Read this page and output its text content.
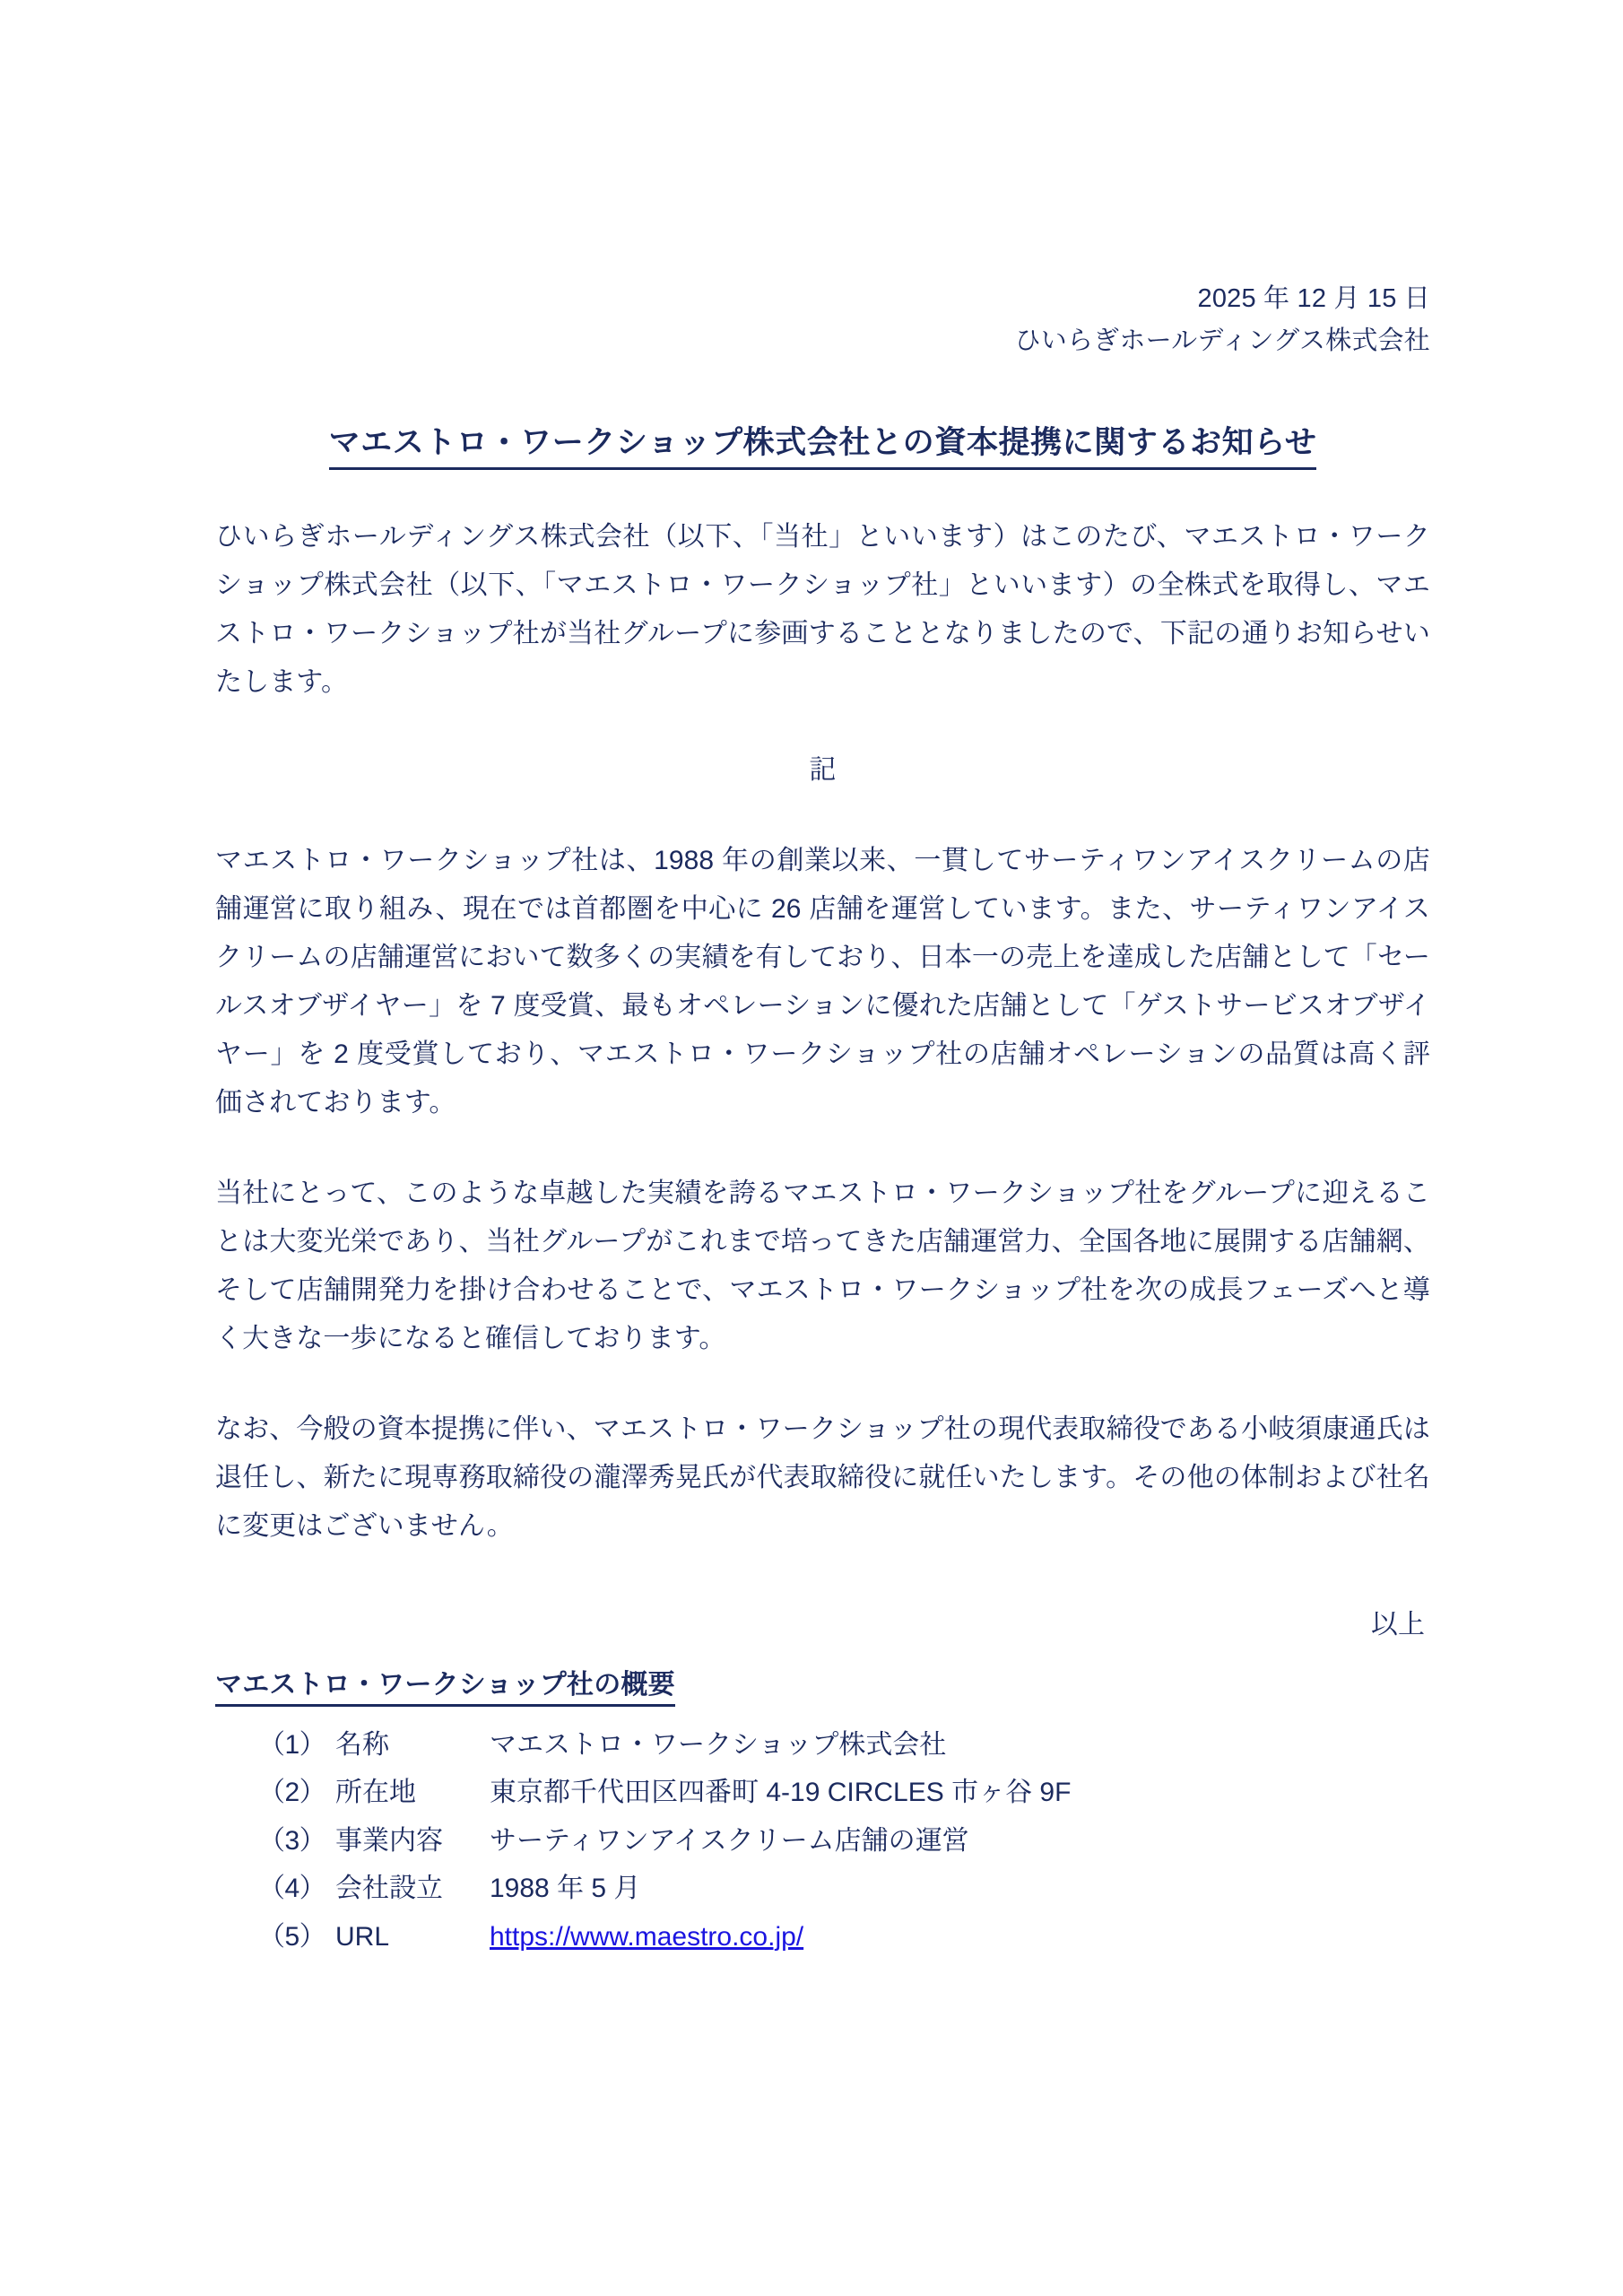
2025 年 12 月 15 日
ひいらぎホールディングス株式会社
マエストロ・ワークショップ株式会社との資本提携に関するお知らせ

ひいらぎホールディングス株式会社（以下、「当社」といいます）はこのたび、マエストロ・ワークショップ株式会社（以下、「マエストロ・ワークショップ社」といいます）の全株式を取得し、マエストロ・ワークショップ社が当社グループに参画することとなりましたので、下記の通りお知らせいたします。

記

マエストロ・ワークショップ社は、1988 年の創業以来、一貫してサーティワンアイスクリームの店舗運営に取り組み、現在では首都圏を中心に 26 店舗を運営しています。また、サーティワンアイスクリームの店舗運営において数多くの実績を有しており、日本一の売上を達成した店舗として「セールスオブザイヤー」を 7 度受賞、最もオペレーションに優れた店舗として「ゲストサービスオブザイヤー」を 2 度受賞しており、マエストロ・ワークショップ社の店舗オペレーションの品質は高く評価されております。

当社にとって、このような卓越した実績を誇るマエストロ・ワークショップ社をグループに迎えることは大変光栄であり、当社グループがこれまで培ってきた店舗運営力、全国各地に展開する店舗網、そして店舗開発力を掛け合わせることで、マエストロ・ワークショップ社を次の成長フェーズへと導く大きな一歩になると確信しております。

なお、今般の資本提携に伴い、マエストロ・ワークショップ社の現代表取締役である小岐須康通氏は退任し、新たに現専務取締役の瀧澤秀晃氏が代表取締役に就任いたします。その他の体制および社名に変更はございません。

以上

マエストロ・ワークショップ社の概要
（1） 名称	マエストロ・ワークショップ株式会社
（2） 所在地	東京都千代田区四番町 4-19 CIRCLES 市ヶ谷 9F
（3） 事業内容	サーティワンアイスクリーム店舗の運営
（4） 会社設立	1988 年 5 月
（5） URL	https://www.maestro.co.jp/
